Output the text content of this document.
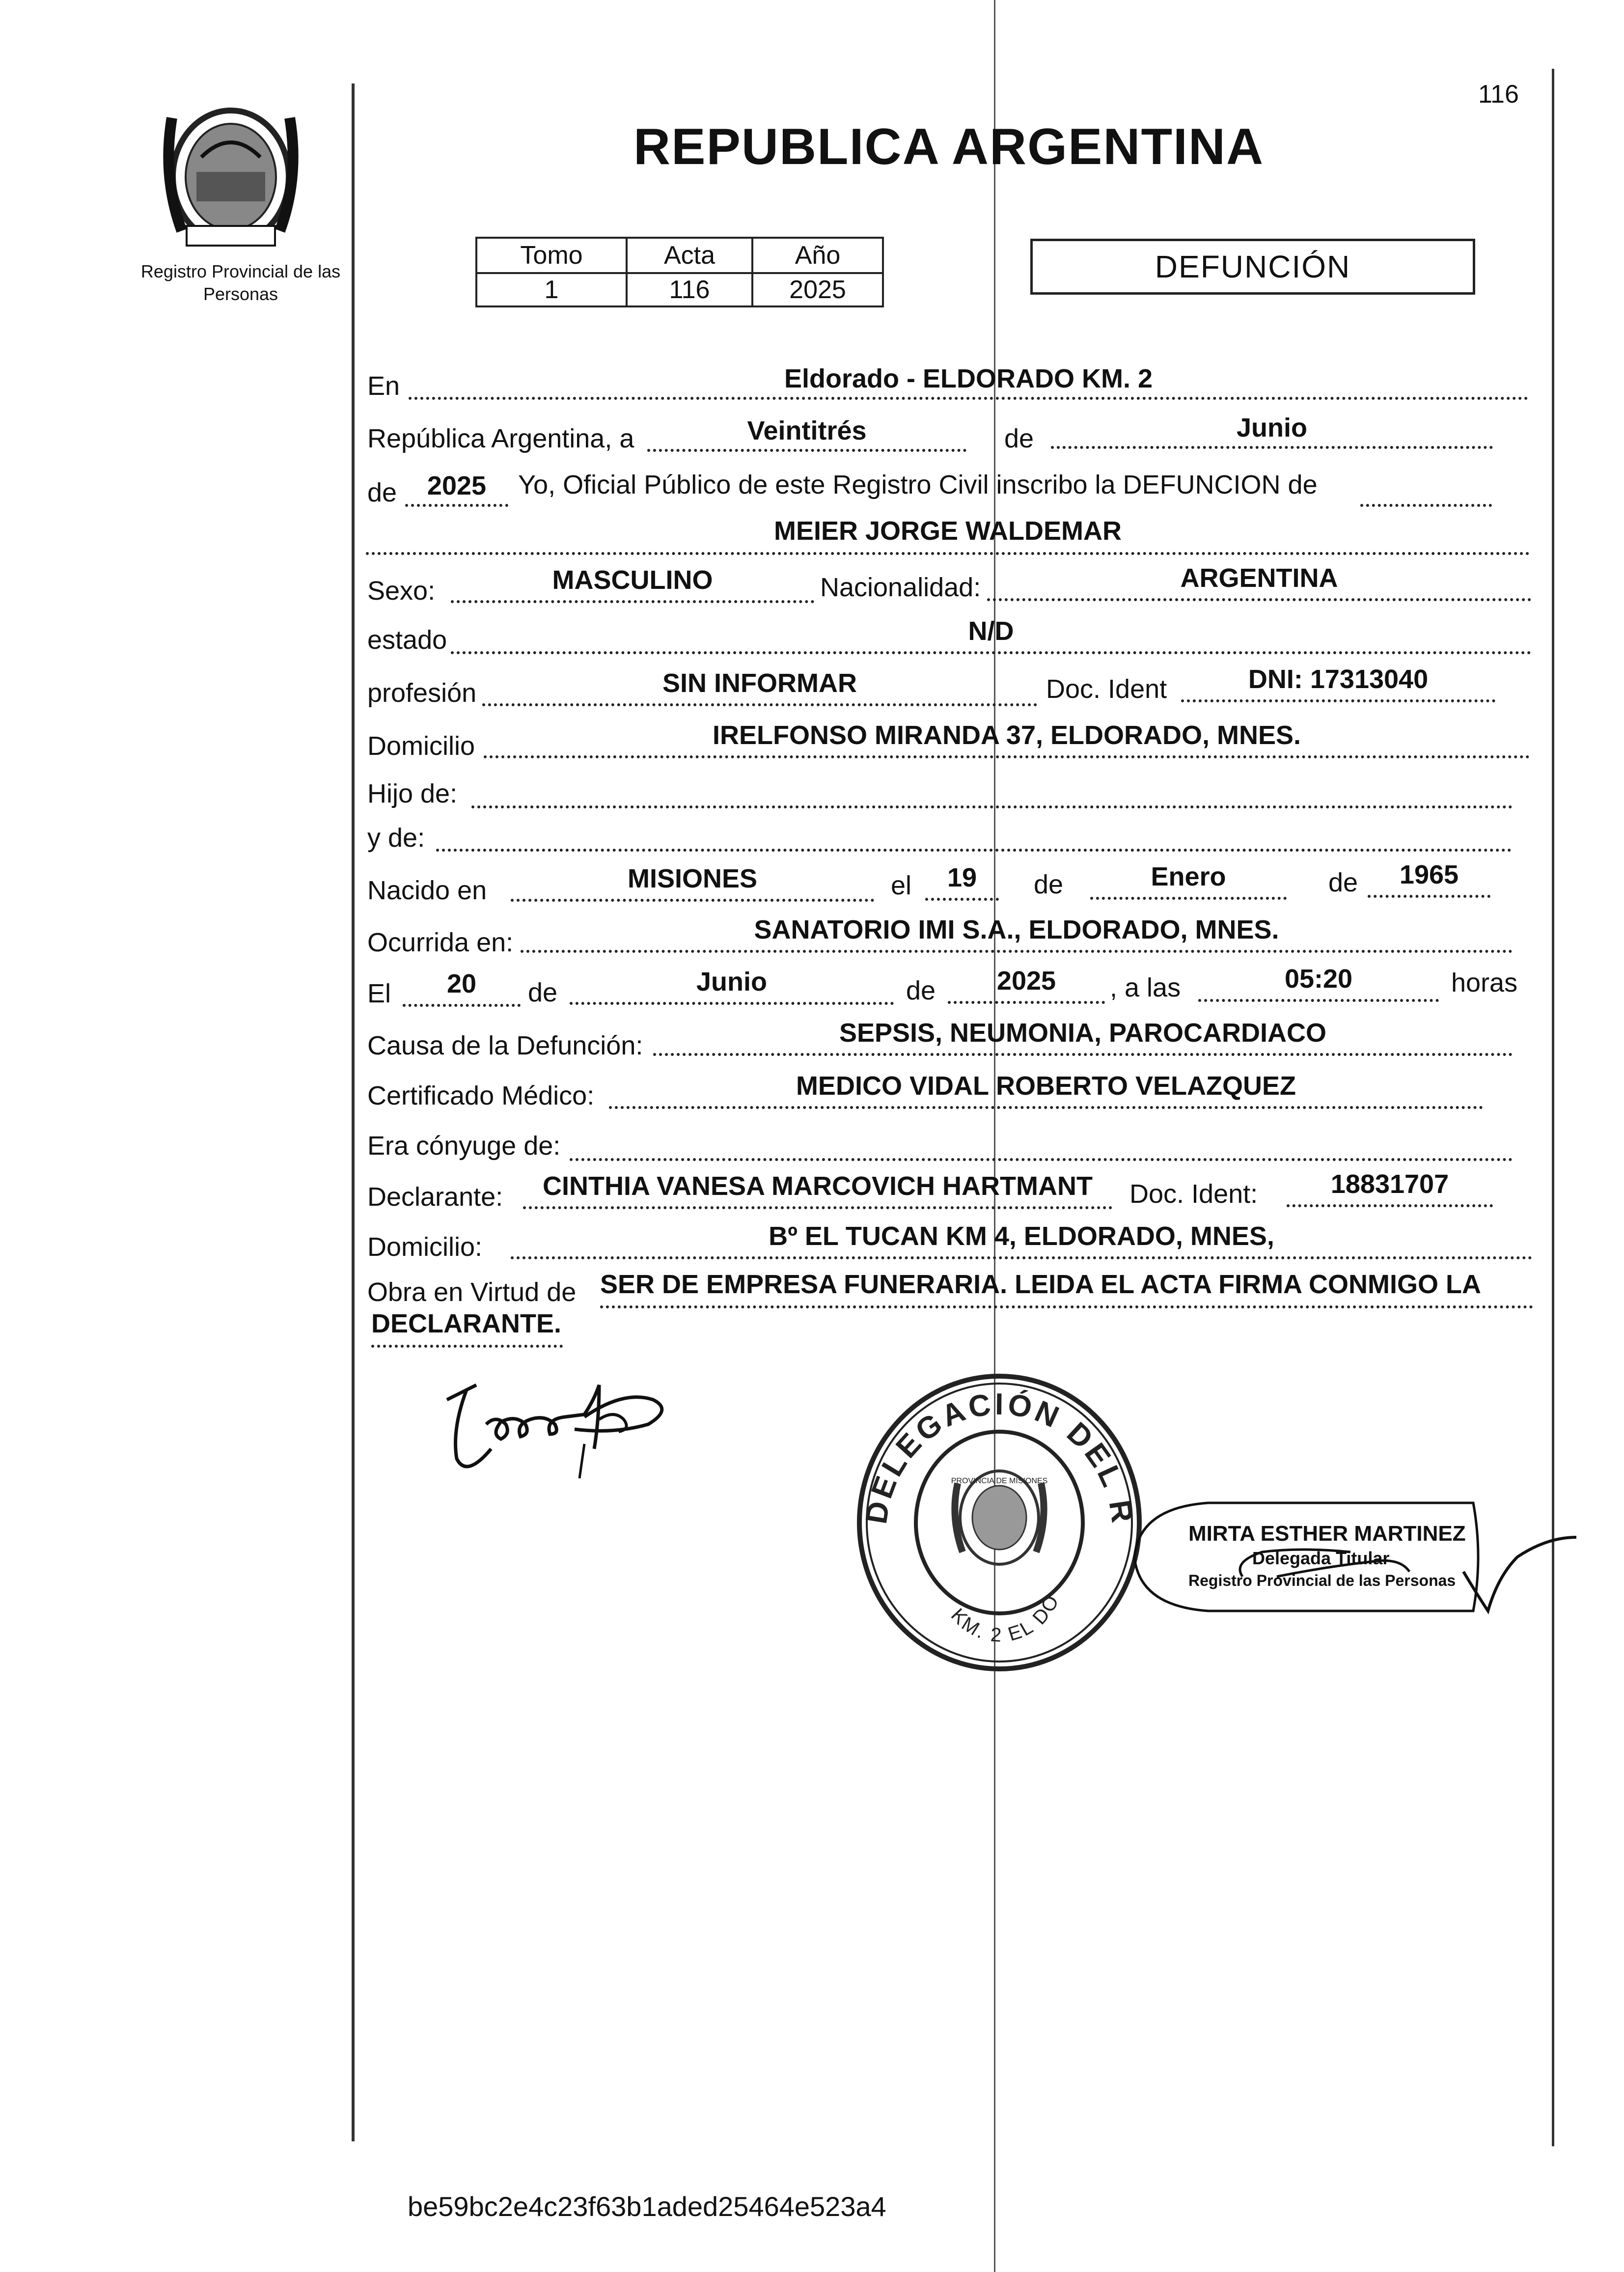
PROVINCIA DE MISIONES
Registro Provincial de las Personas
REPUBLICA ARGENTINA
116
Tomo	Acta	Año
1	116	2025
DEFUNCIÓN
En	Eldorado - ELDORADO KM. 2
República Argentina, a	Veintitrés	de	Junio
de	2025	Yo, Oficial Público de este Registro Civil inscribo la DEFUNCION de
MEIER JORGE WALDEMAR
Sexo:	MASCULINO	Nacionalidad:	ARGENTINA
estado	N/D
profesión	SIN INFORMAR	Doc. Ident	DNI: 17313040
Domicilio	IRELFONSO MIRANDA 37, ELDORADO, MNES.
Hijo de:
y de:
Nacido en	MISIONES	el	19	de	Enero	de	1965
Ocurrida en:	SANATORIO IMI S.A., ELDORADO, MNES.
El	20	de	Junio	de	2025	, a las	05:20	horas
Causa de la Defunción:	SEPSIS, NEUMONIA, PAROCARDIACO
Certificado Médico:	MEDICO VIDAL ROBERTO VELAZQUEZ
Era cónyuge de:
Declarante:	CINTHIA VANESA MARCOVICH HARTMANT	Doc. Ident:	18831707
Domicilio:	Bº EL TUCAN KM 4, ELDORADO, MNES,
Obra en Virtud de SER DE EMPRESA FUNERARIA. LEIDA EL ACTA FIRMA CONMIGO LA
DECLARANTE.
DELEGACIÓN DEL R
KM. 2 EL DO
PROVINCIA DE MISIONES
MIRTA ESTHER MARTINEZ
Delegada Titular
Registro Provincial de las Personas
be59bc2e4c23f63b1aded25464e523a4
